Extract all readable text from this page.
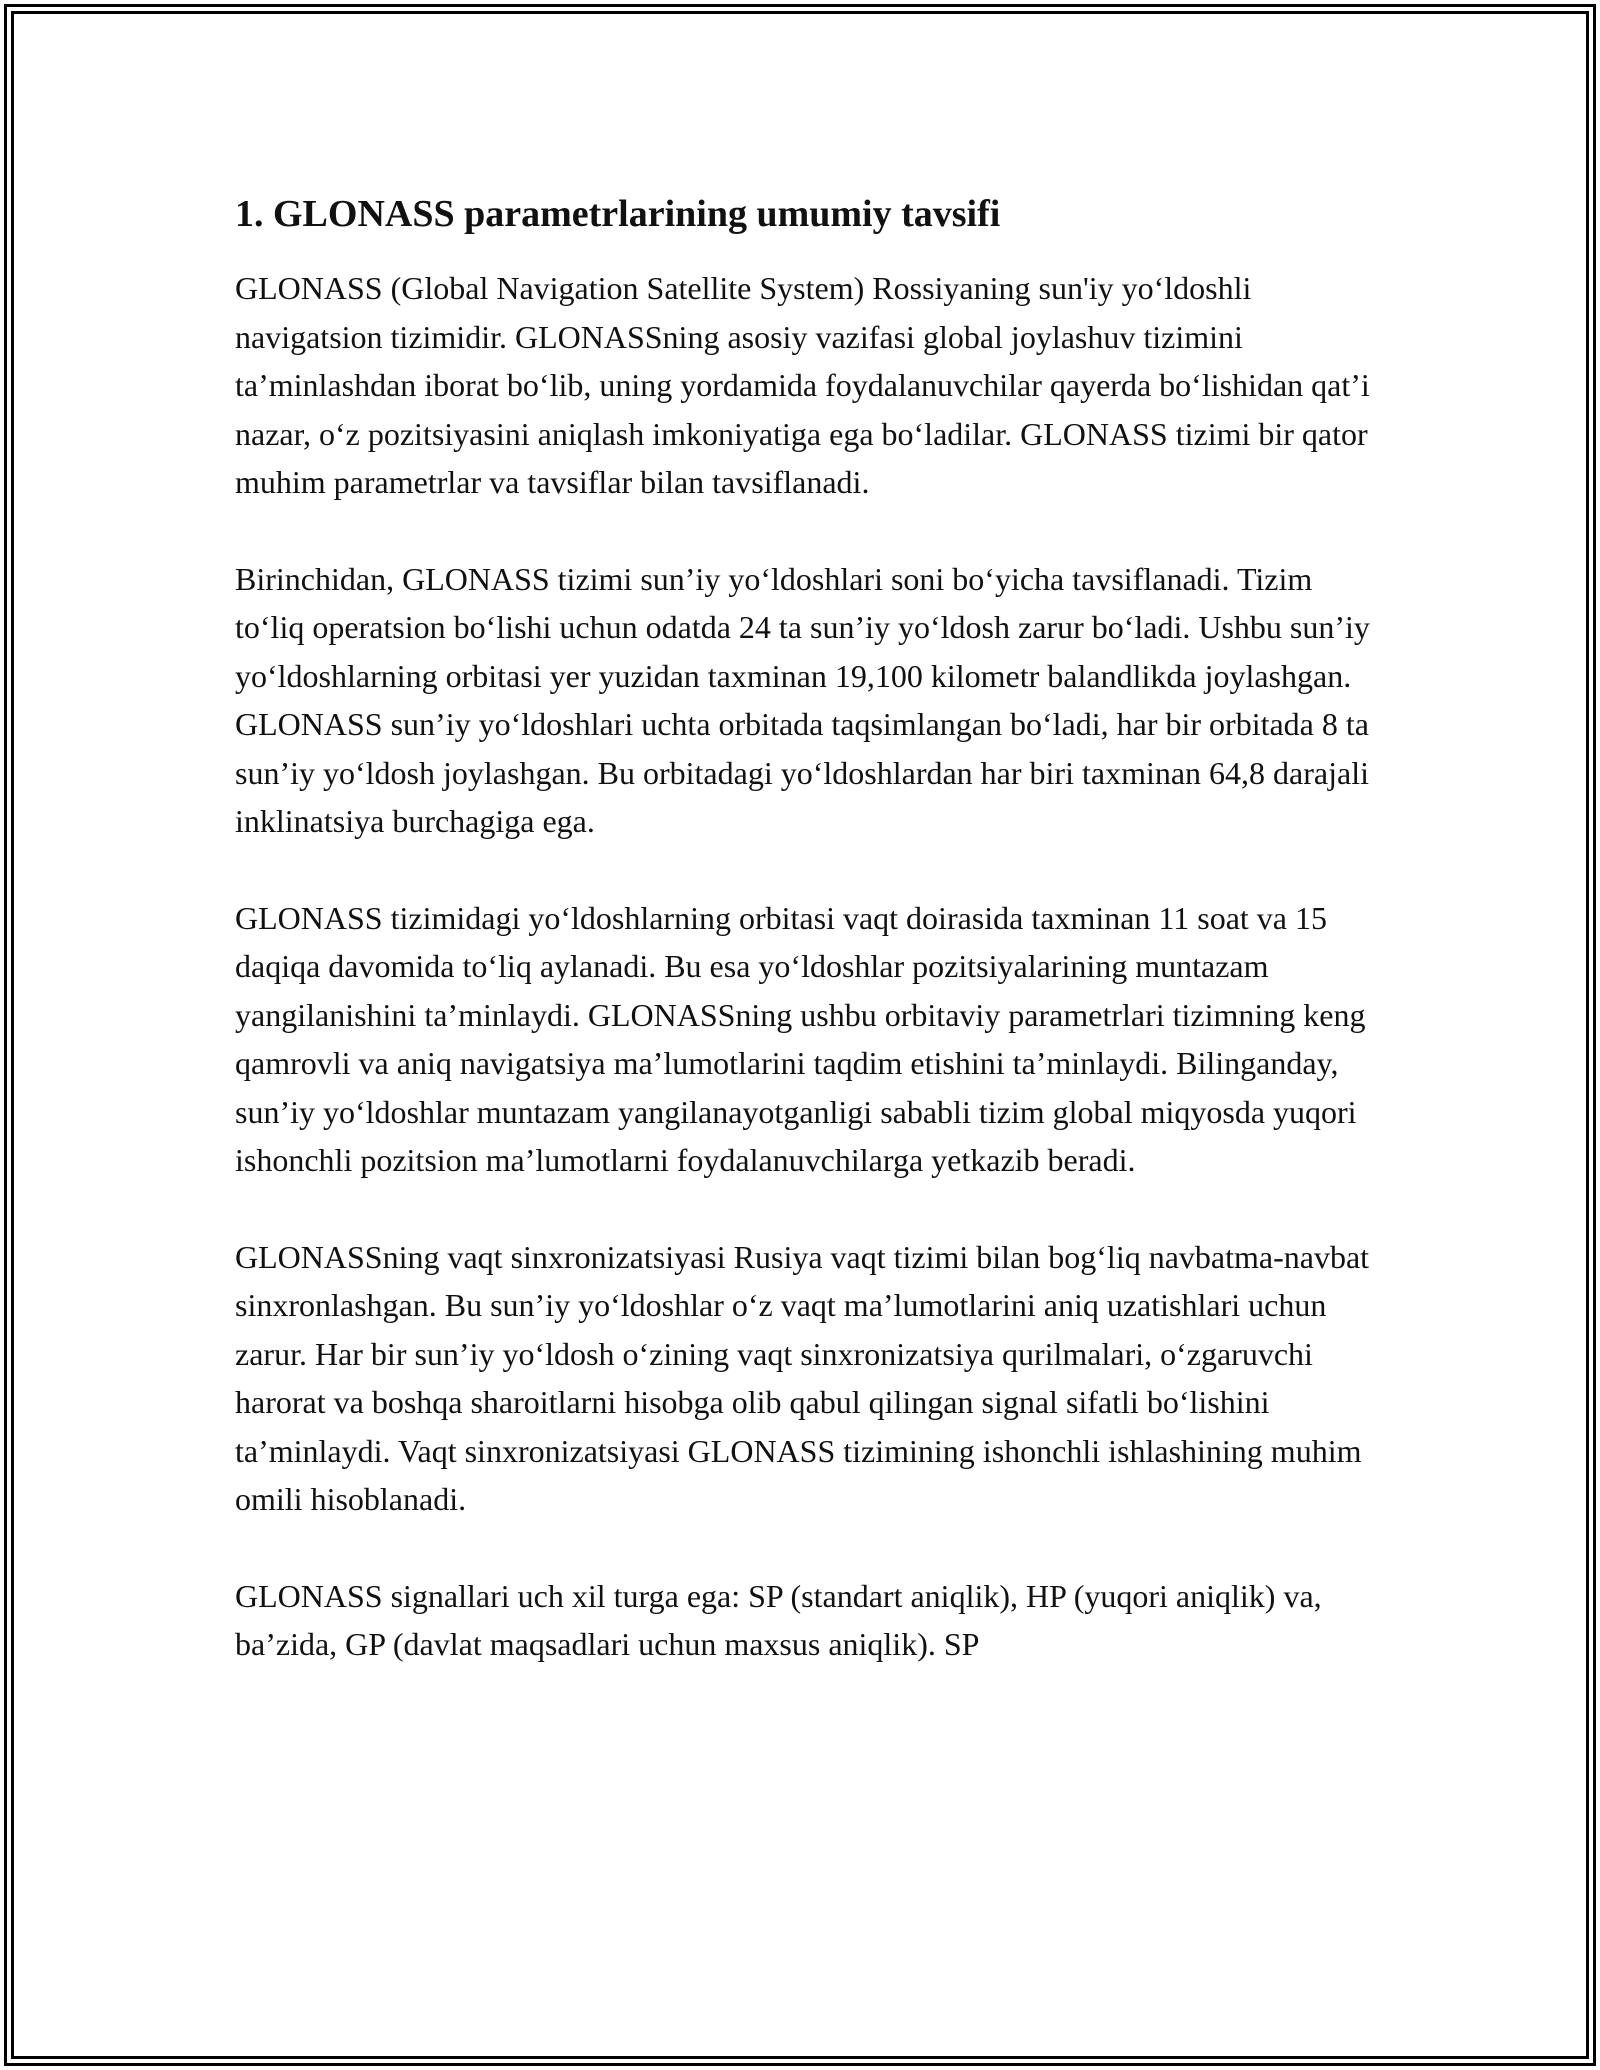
1. GLONASS parametrlarining umumiy tavsifi

GLONASS (Global Navigation Satellite System) Rossiyaning sun'iy yo‘ldoshli navigatsion tizimidir. GLONASSning asosiy vazifasi global joylashuv tizimini ta’minlashdan iborat bo‘lib, uning yordamida foydalanuvchilar qayerda bo‘lishidan qat’i nazar, o‘z pozitsiyasini aniqlash imkoniyatiga ega bo‘ladilar. GLONASS tizimi bir qator muhim parametrlar va tavsiflar bilan tavsiflanadi.

Birinchidan, GLONASS tizimi sun’iy yo‘ldoshlari soni bo‘yicha tavsiflanadi. Tizim to‘liq operatsion bo‘lishi uchun odatda 24 ta sun’iy yo‘ldosh zarur bo‘ladi. Ushbu sun’iy yo‘ldoshlarning orbitasi yer yuzidan taxminan 19,100 kilometr balandlikda joylashgan. GLONASS sun’iy yo‘ldoshlari uchta orbitada taqsimlangan bo‘ladi, har bir orbitada 8 ta sun’iy yo‘ldosh joylashgan. Bu orbitadagi yo‘ldoshlardan har biri taxminan 64,8 darajali inklinatsiya burchagiga ega.

GLONASS tizimidagi yo‘ldoshlarning orbitasi vaqt doirasida taxminan 11 soat va 15 daqiqa davomida to‘liq aylanadi. Bu esa yo‘ldoshlar pozitsiyalarining muntazam yangilanishini ta’minlaydi. GLONASSning ushbu orbitaviy parametrlari tizimning keng qamrovli va aniq navigatsiya ma’lumotlarini taqdim etishini ta’minlaydi. Bilinganday, sun’iy yo‘ldoshlar muntazam yangilanayotganligi sababli tizim global miqyosda yuqori ishonchli pozitsion ma’lumotlarni foydalanuvchilarga yetkazib beradi.

GLONASSning vaqt sinxronizatsiyasi Rusiya vaqt tizimi bilan bog‘liq navbatma-navbat sinxronlashgan. Bu sun’iy yo‘ldoshlar o‘z vaqt ma’lumotlarini aniq uzatishlari uchun zarur. Har bir sun’iy yo‘ldosh o‘zining vaqt sinxronizatsiya qurilmalari, o‘zgaruvchi harorat va boshqa sharoitlarni hisobga olib qabul qilingan signal sifatli bo‘lishini ta’minlaydi. Vaqt sinxronizatsiyasi GLONASS tizimining ishonchli ishlashining muhim omili hisoblanadi.

GLONASS signallari uch xil turga ega: SP (standart aniqlik), HP (yuqori aniqlik) va, ba’zida, GP (davlat maqsadlari uchun maxsus aniqlik). SP
